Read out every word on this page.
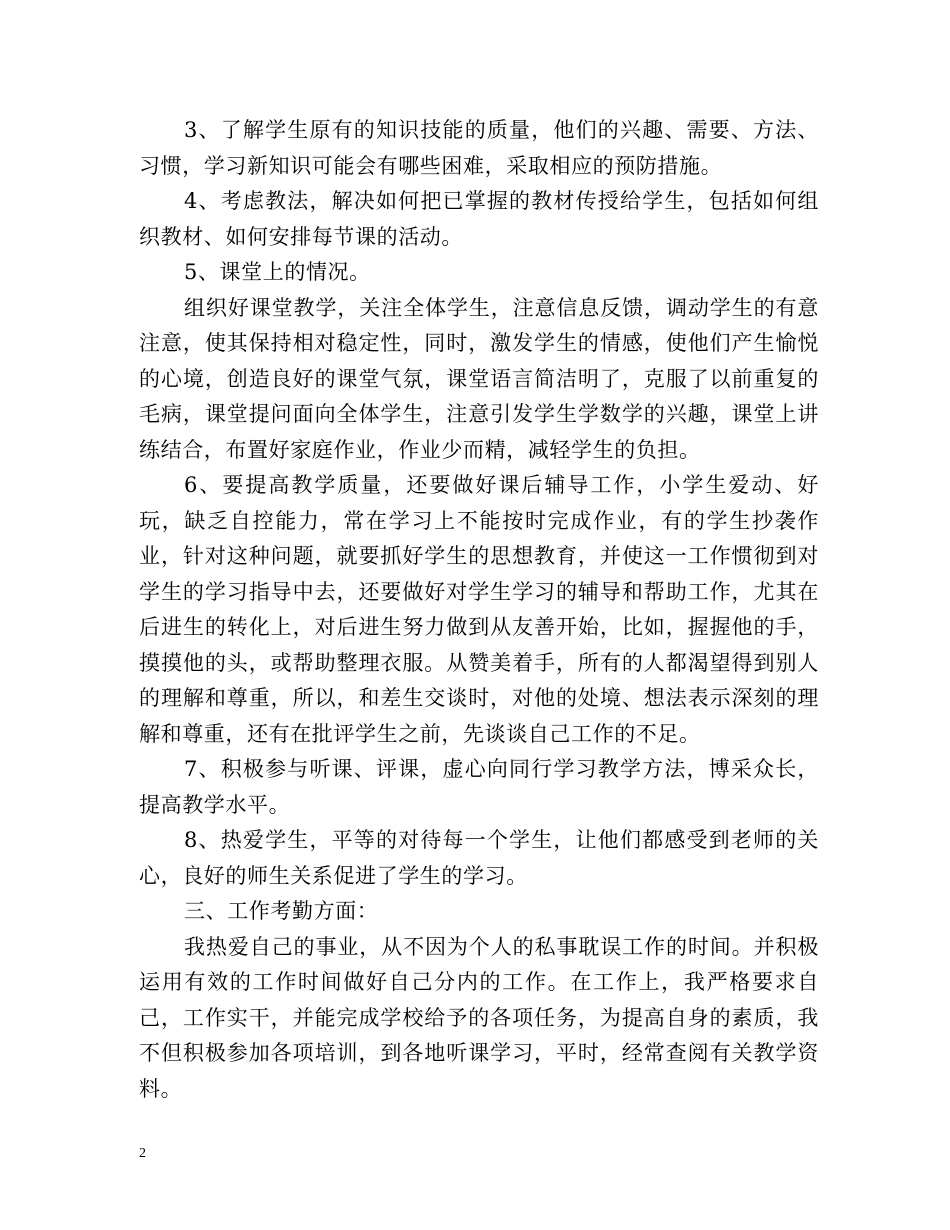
3、了解学生原有的知识技能的质量，他们的兴趣、需要、方法、习惯，学习新知识可能会有哪些困难，采取相应的预防措施。

4、考虑教法，解决如何把已掌握的教材传授给学生，包括如何组织教材、如何安排每节课的活动。

5、课堂上的情况。

组织好课堂教学，关注全体学生，注意信息反馈，调动学生的有意注意，使其保持相对稳定性，同时，激发学生的情感，使他们产生愉悦的心境，创造良好的课堂气氛，课堂语言简洁明了，克服了以前重复的毛病，课堂提问面向全体学生，注意引发学生学数学的兴趣，课堂上讲练结合，布置好家庭作业，作业少而精，减轻学生的负担。

6、要提高教学质量，还要做好课后辅导工作，小学生爱动、好玩，缺乏自控能力，常在学习上不能按时完成作业，有的学生抄袭作业，针对这种问题，就要抓好学生的思想教育，并使这一工作惯彻到对学生的学习指导中去，还要做好对学生学习的辅导和帮助工作，尤其在后进生的转化上，对后进生努力做到从友善开始，比如，握握他的手，摸摸他的头，或帮助整理衣服。从赞美着手，所有的人都渴望得到别人的理解和尊重，所以，和差生交谈时，对他的处境、想法表示深刻的理解和尊重，还有在批评学生之前，先谈谈自己工作的不足。

7、积极参与听课、评课，虚心向同行学习教学方法，博采众长，提高教学水平。

8、热爱学生，平等的对待每一个学生，让他们都感受到老师的关心，良好的师生关系促进了学生的学习。

三、工作考勤方面：

我热爱自己的事业，从不因为个人的私事耽误工作的时间。并积极运用有效的工作时间做好自己分内的工作。在工作上，我严格要求自己，工作实干，并能完成学校给予的各项任务，为提高自身的素质，我不但积极参加各项培训，到各地听课学习，平时，经常查阅有关教学资料。

2
